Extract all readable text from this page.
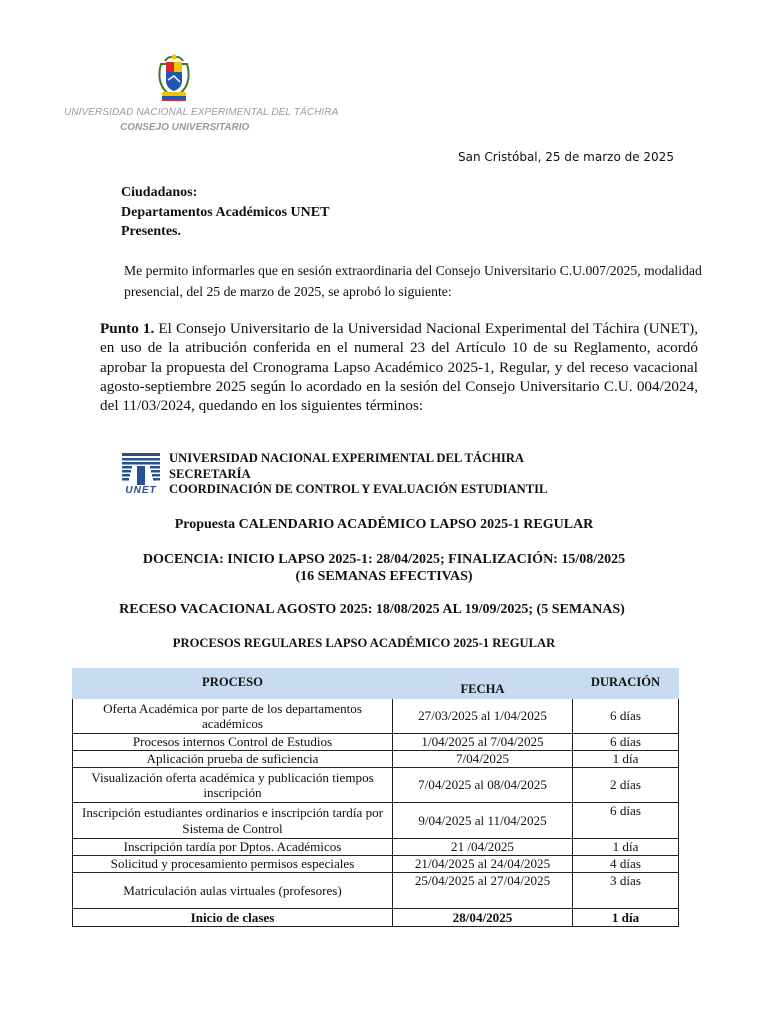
UNIVERSIDAD NACIONAL EXPERIMENTAL DEL TÁCHIRA
CONSEJO UNIVERSITARIO
San Cristóbal, 25 de marzo de 2025
Ciudadanos:
Departamentos Académicos UNET
Presentes.
Me permito informarles que en sesión extraordinaria del Consejo Universitario C.U.007/2025, modalidad presencial, del 25 de marzo de 2025, se aprobó lo siguiente:
Punto 1. El Consejo Universitario de la Universidad Nacional Experimental del Táchira (UNET), en uso de la atribución conferida en el numeral 23 del Artículo 10 de su Reglamento, acordó aprobar la propuesta del Cronograma Lapso Académico 2025-1, Regular, y del receso vacacional agosto-septiembre 2025 según lo acordado en la sesión del Consejo Universitario C.U. 004/2024, del 11/03/2024, quedando en los siguientes términos:
UNET
UNIVERSIDAD NACIONAL EXPERIMENTAL DEL TÁCHIRA
SECRETARÍA
COORDINACIÓN DE CONTROL Y EVALUACIÓN ESTUDIANTIL
Propuesta CALENDARIO ACADÉMICO LAPSO 2025-1 REGULAR
DOCENCIA: INICIO LAPSO 2025-1: 28/04/2025; FINALIZACIÓN: 15/08/2025
(16 SEMANAS EFECTIVAS)
RECESO VACACIONAL AGOSTO 2025: 18/08/2025 AL 19/09/2025; (5 SEMANAS)
PROCESOS REGULARES LAPSO ACADÉMICO 2025-1 REGULAR
PROCESO	FECHA	DURACIÓN
Oferta Académica por parte de los departamentos académicos	27/03/2025 al 1/04/2025	6 días
Procesos internos Control de Estudios	1/04/2025 al 7/04/2025	6 días
Aplicación prueba de suficiencia	7/04/2025	1 día
Visualización oferta académica y publicación tiempos inscripción	7/04/2025 al 08/04/2025	2 días
Inscripción estudiantes ordinarios e inscripción tardía por Sistema de Control	9/04/2025 al 11/04/2025	6 días
Inscripción tardía por Dptos. Académicos	21 /04/2025	1 día
Solicitud y procesamiento permisos especiales	21/04/2025 al 24/04/2025	4 días
Matriculación aulas virtuales (profesores)	25/04/2025 al 27/04/2025	3 días
Inicio de clases	28/04/2025	1 día
